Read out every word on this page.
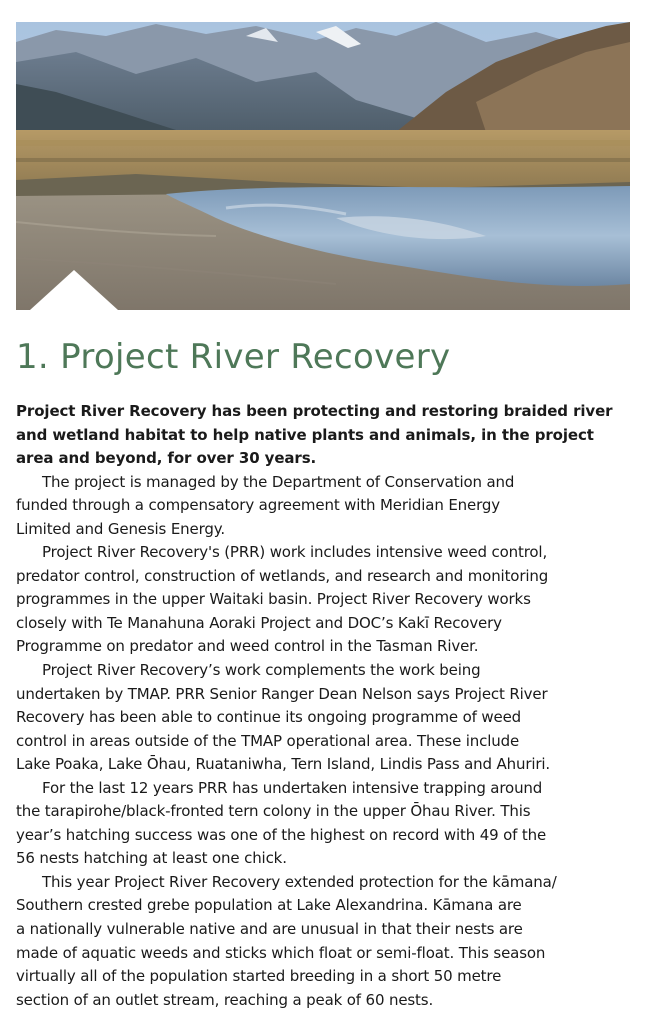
1. Project River Recovery

Project River Recovery has been protecting and restoring braided river

and wetland habitat to help native plants and animals, in the project

area and beyond, for over 30 years.

The project is managed by the Department of Conservation and

funded through a compensatory agreement with Meridian Energy

Limited and Genesis Energy.

Project River Recovery's (PRR) work includes intensive weed control,

predator control, construction of wetlands, and research and monitoring

programmes in the upper Waitaki basin. Project River Recovery works

closely with Te Manahuna Aoraki Project and DOC’s Kakī Recovery

Programme on predator and weed control in the Tasman River.

Project River Recovery’s work complements the work being

undertaken by TMAP. PRR Senior Ranger Dean Nelson says Project River

Recovery has been able to continue its ongoing programme of weed

control in areas outside of the TMAP operational area. These include

Lake Poaka, Lake Ōhau, Ruataniwha, Tern Island, Lindis Pass and Ahuriri.

For the last 12 years PRR has undertaken intensive trapping around

the tarapirohe/black-fronted tern colony in the upper Ōhau River. This

year’s hatching success was one of the highest on record with 49 of the

56 nests hatching at least one chick.

This year Project River Recovery extended protection for the kāmana/

Southern crested grebe population at Lake Alexandrina. Kāmana are

a nationally vulnerable native and are unusual in that their nests are

made of aquatic weeds and sticks which float or semi-float. This season

virtually all of the population started breeding in a short 50 metre

section of an outlet stream, reaching a peak of 60 nests.
